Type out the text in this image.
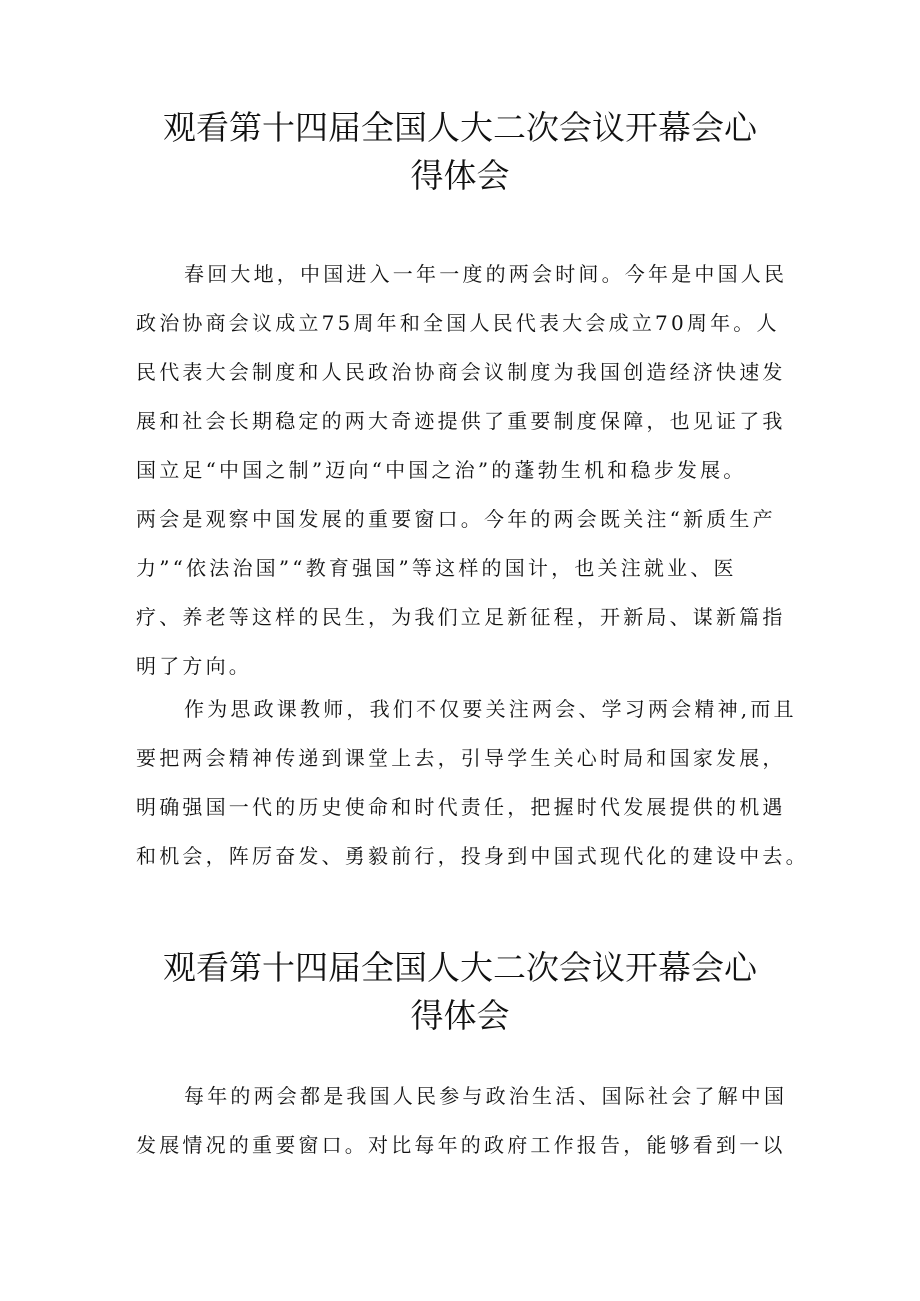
观看第十四届全国人大二次会议开幕会心
得体会

春回大地，中国进入一年一度的两会时间。今年是中国人民
政治协商会议成立75周年和全国人民代表大会成立70周年。人
民代表大会制度和人民政治协商会议制度为我国创造经济快速发
展和社会长期稳定的两大奇迹提供了重要制度保障，也见证了我
国立足“中国之制”迈向“中国之治”的蓬勃生机和稳步发展。
两会是观察中国发展的重要窗口。今年的两会既关注“新质生产
力”“依法治国”“教育强国”等这样的国计，也关注就业、医
疗、养老等这样的民生，为我们立足新征程，开新局、谋新篇指
明了方向。

作为思政课教师，我们不仅要关注两会、学习两会精神,而且
要把两会精神传递到课堂上去，引导学生关心时局和国家发展，
明确强国一代的历史使命和时代责任，把握时代发展提供的机遇
和机会，阵厉奋发、勇毅前行，投身到中国式现代化的建设中去。

观看第十四届全国人大二次会议开幕会心
得体会

每年的两会都是我国人民参与政治生活、国际社会了解中国
发展情况的重要窗口。对比每年的政府工作报告，能够看到一以
